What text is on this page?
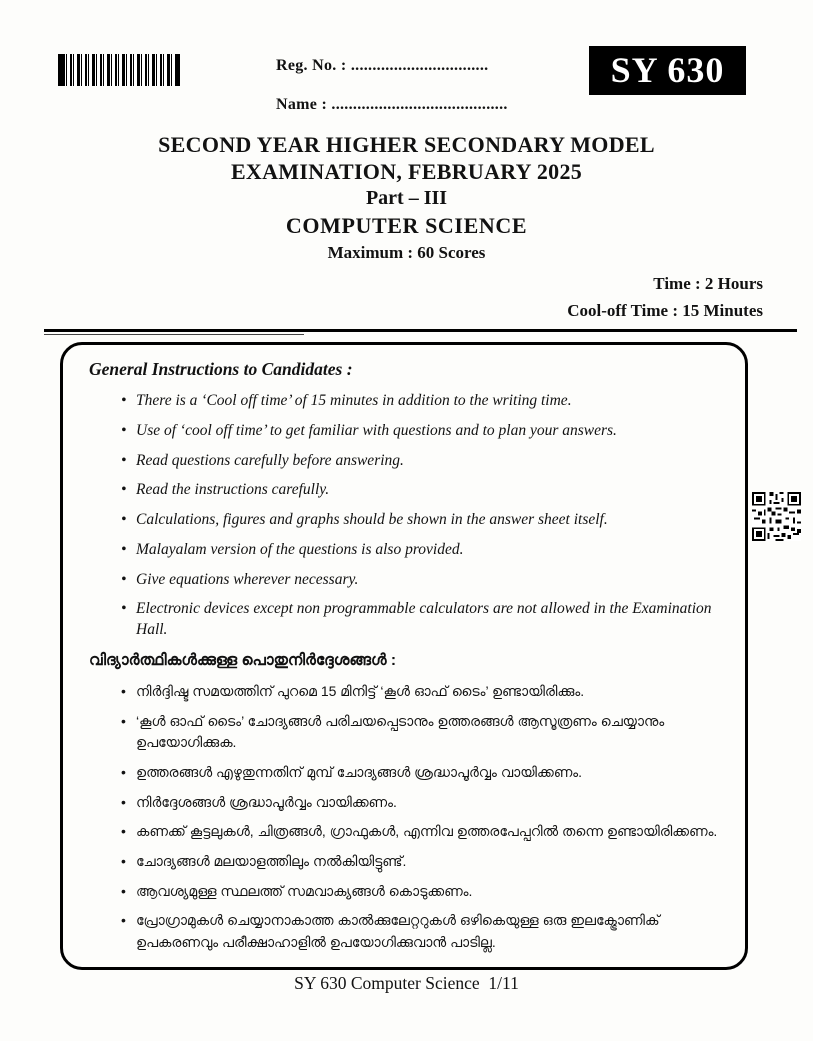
Reg. No. : ................................
Name : .........................................
SY 630
SECOND YEAR HIGHER SECONDARY MODEL
EXAMINATION, FEBRUARY 2025
Part – III
COMPUTER SCIENCE
Maximum : 60 Scores
Time : 2 Hours
Cool-off Time : 15 Minutes
General Instructions to Candidates :
• There is a ‘Cool off time’ of 15 minutes in addition to the writing time.
• Use of ‘cool off time’ to get familiar with questions and to plan your answers.
• Read questions carefully before answering.
• Read the instructions carefully.
• Calculations, figures and graphs should be shown in the answer sheet itself.
• Malayalam version of the questions is also provided.
• Give equations wherever necessary.
• Electronic devices except non programmable calculators are not allowed in the Examination Hall.
വിദ്യാർത്ഥികൾക്കുള്ള പൊതുനിർദ്ദേശങ്ങൾ :
• നിർദ്ദിഷ്ട സമയത്തിന് പുറമെ 15 മിനിട്ട് ‘കൂൾ ഓഫ് ടൈം’ ഉണ്ടായിരിക്കും.
• ‘കൂൾ ഓഫ് ടൈം’ ചോദ്യങ്ങൾ പരിചയപ്പെടാനും ഉത്തരങ്ങൾ ആസൂത്രണം ചെയ്യാനും ഉപയോഗിക്കുക.
• ഉത്തരങ്ങൾ എഴുതുന്നതിന് മുമ്പ് ചോദ്യങ്ങൾ ശ്രദ്ധാപൂർവ്വം വായിക്കണം.
• നിർദ്ദേശങ്ങൾ ശ്രദ്ധാപൂർവ്വം വായിക്കണം.
• കണക്ക് കൂട്ടലുകൾ, ചിത്രങ്ങൾ, ഗ്രാഫുകൾ, എന്നിവ ഉത്തരപേപ്പറിൽ തന്നെ ഉണ്ടായിരിക്കണം.
• ചോദ്യങ്ങൾ മലയാളത്തിലും നൽകിയിട്ടുണ്ട്.
• ആവശ്യമുള്ള സ്ഥലത്ത് സമവാക്യങ്ങൾ കൊടുക്കണം.
• പ്രോഗ്രാമുകൾ ചെയ്യാനാകാത്ത കാൽക്കുലേറ്ററുകൾ ഒഴികെയുള്ള ഒരു ഇലക്ട്രോണിക് ഉപകരണവും പരീക്ഷാഹാളിൽ ഉപയോഗിക്കുവാൻ പാടില്ല.
SY 630 Computer Science  1/11
